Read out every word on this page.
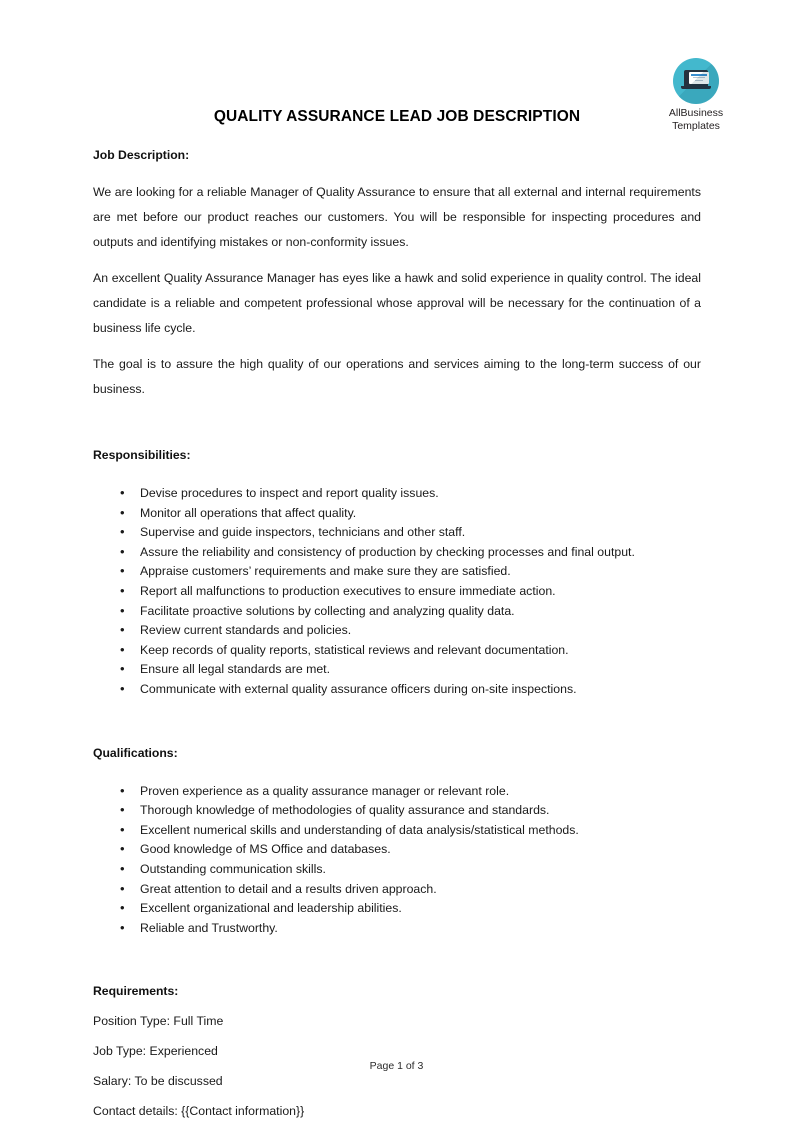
AllBusiness
Templates
QUALITY ASSURANCE LEAD JOB DESCRIPTION
Job Description:

We are looking for a reliable Manager of Quality Assurance to ensure that all external and internal requirements are met before our product reaches our customers. You will be responsible for inspecting procedures and outputs and identifying mistakes or non-conformity issues.

An excellent Quality Assurance Manager has eyes like a hawk and solid experience in quality control. The ideal candidate is a reliable and competent professional whose approval will be necessary for the continuation of a business life cycle.

The goal is to assure the high quality of our operations and services aiming to the long-term success of our business.

Responsibilities:
• Devise procedures to inspect and report quality issues.
• Monitor all operations that affect quality.
• Supervise and guide inspectors, technicians and other staff.
• Assure the reliability and consistency of production by checking processes and final output.
• Appraise customers’ requirements and make sure they are satisfied.
• Report all malfunctions to production executives to ensure immediate action.
• Facilitate proactive solutions by collecting and analyzing quality data.
• Review current standards and policies.
• Keep records of quality reports, statistical reviews and relevant documentation.
• Ensure all legal standards are met.
• Communicate with external quality assurance officers during on-site inspections.
Qualifications:
• Proven experience as a quality assurance manager or relevant role.
• Thorough knowledge of methodologies of quality assurance and standards.
• Excellent numerical skills and understanding of data analysis/statistical methods.
• Good knowledge of MS Office and databases.
• Outstanding communication skills.
• Great attention to detail and a results driven approach.
• Excellent organizational and leadership abilities.
• Reliable and Trustworthy.
Requirements:

Position Type: Full Time

Job Type: Experienced

Salary: To be discussed

Contact details: {{Contact information}}

Page 1 of 3
